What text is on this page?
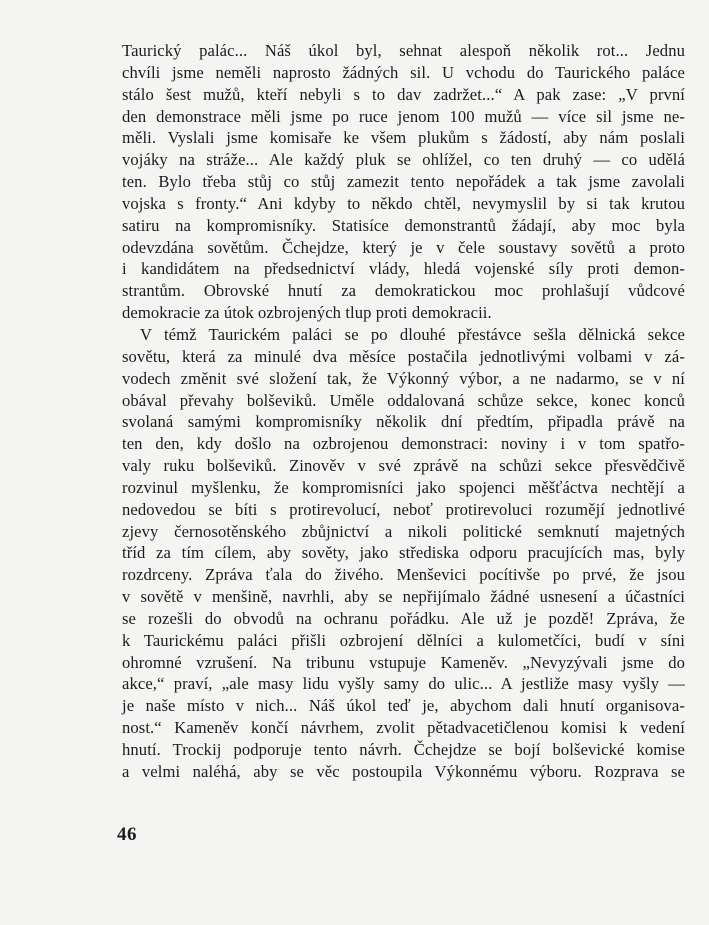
Taurický palác... Náš úkol byl, sehnat alespoň několik rot... Jednu
chvíli jsme neměli naprosto žádných sil. U vchodu do Taurického paláce
stálo šest mužů, kteří nebyli s to dav zadržet...“ A pak zase: „V první
den demonstrace měli jsme po ruce jenom 100 mužů — více sil jsme ne-
měli. Vyslali jsme komisaře ke všem plukům s žádostí, aby nám poslali
vojáky na stráže... Ale každý pluk se ohlížel, co ten druhý — co udělá
ten. Bylo třeba stůj co stůj zamezit tento nepořádek a tak jsme zavolali
vojska s fronty.“ Ani kdyby to někdo chtěl, nevymyslil by si tak krutou
satiru na kompromisníky. Statisíce demonstrantů žádají, aby moc byla
odevzdána sovětům. Čchejdze, který je v čele soustavy sovětů a proto
i kandidátem na předsednictví vlády, hledá vojenské síly proti demon-
strantům. Obrovské hnutí za demokratickou moc prohlašují vůdcové
demokracie za útok ozbrojených tlup proti demokracii.
V témž Taurickém paláci se po dlouhé přestávce sešla dělnická sekce
sovětu, která za minulé dva měsíce postačila jednotlivými volbami v zá-
vodech změnit své složení tak, že Výkonný výbor, a ne nadarmo, se v ní
obával převahy bolševiků. Uměle oddalovaná schůze sekce, konec konců
svolaná samými kompromisníky několik dní předtím, připadla právě na
ten den, kdy došlo na ozbrojenou demonstraci: noviny i v tom spatřo-
valy ruku bolševiků. Zinověv v své zprávě na schůzi sekce přesvědčivě
rozvinul myšlenku, že kompromisníci jako spojenci měšťáctva nechtějí a
nedovedou se bíti s protirevolucí, neboť protirevoluci rozumějí jednotlivé
zjevy černosotěnského zbůjnictví a nikoli politické semknutí majetných
tříd za tím cílem, aby sověty, jako střediska odporu pracujících mas, byly
rozdrceny. Zpráva ťala do živého. Menševici pocítivše po prvé, že jsou
v sovětě v menšině, navrhli, aby se nepřijímalo žádné usnesení a účastníci
se rozešli do obvodů na ochranu pořádku. Ale už je pozdě! Zpráva, že
k Taurickému paláci přišli ozbrojení dělníci a kulometčíci, budí v síni
ohromné vzrušení. Na tribunu vstupuje Kameněv. „Nevyzývali jsme do
akce,“ praví, „ale masy lidu vyšly samy do ulic... A jestliže masy vyšly —
je naše místo v nich... Náš úkol teď je, abychom dali hnutí organisova-
nost.“ Kameněv končí návrhem, zvolit pětadvacetičlenou komisi k vedení
hnutí. Trockij podporuje tento návrh. Čchejdze se bojí bolševické komise
a velmi naléhá, aby se věc postoupila Výkonnému výboru. Rozprava se
46
